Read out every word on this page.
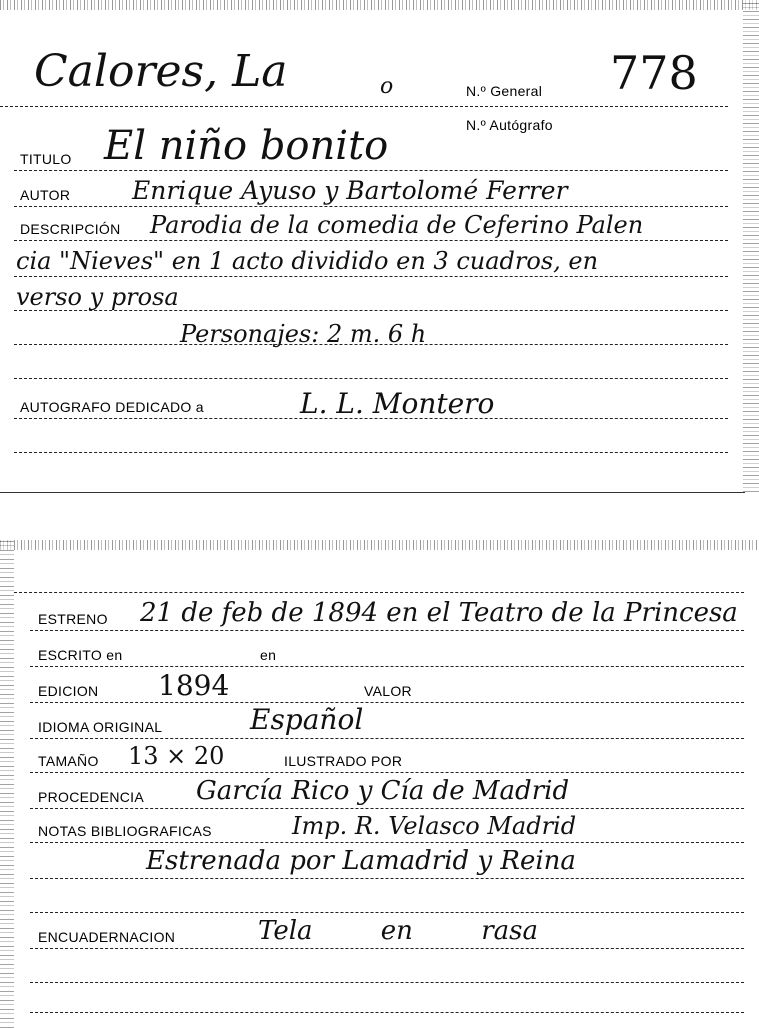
Calores, La	o	N.º General 778
N.º Autógrafo
TITULO El niño bonito
AUTOR Enrique Ayuso y Bartolomé Ferrer
DESCRIPCIÓN Parodia de la comedia de Ceferino Palen
cia "Nieves" en 1 acto dividido en 3 cuadros, en
verso y prosa
Personajes: 2 m. 6 h
AUTOGRAFO DEDICADO a	L. L. Montero
ESTRENO 21 de feb de 1894 en el Teatro de la Princesa
ESCRITO en	en
EDICION 1894	VALOR
IDIOMA ORIGINAL	Español
TAMAÑO 13 × 20	ILUSTRADO POR
PROCEDENCIA García Rico y Cía de Madrid
NOTAS BIBLIOGRAFICAS	Imp. R. Velasco Madrid
Estrenada por Lamadrid y Reina
ENCUADERNACION	Tela en rasa
